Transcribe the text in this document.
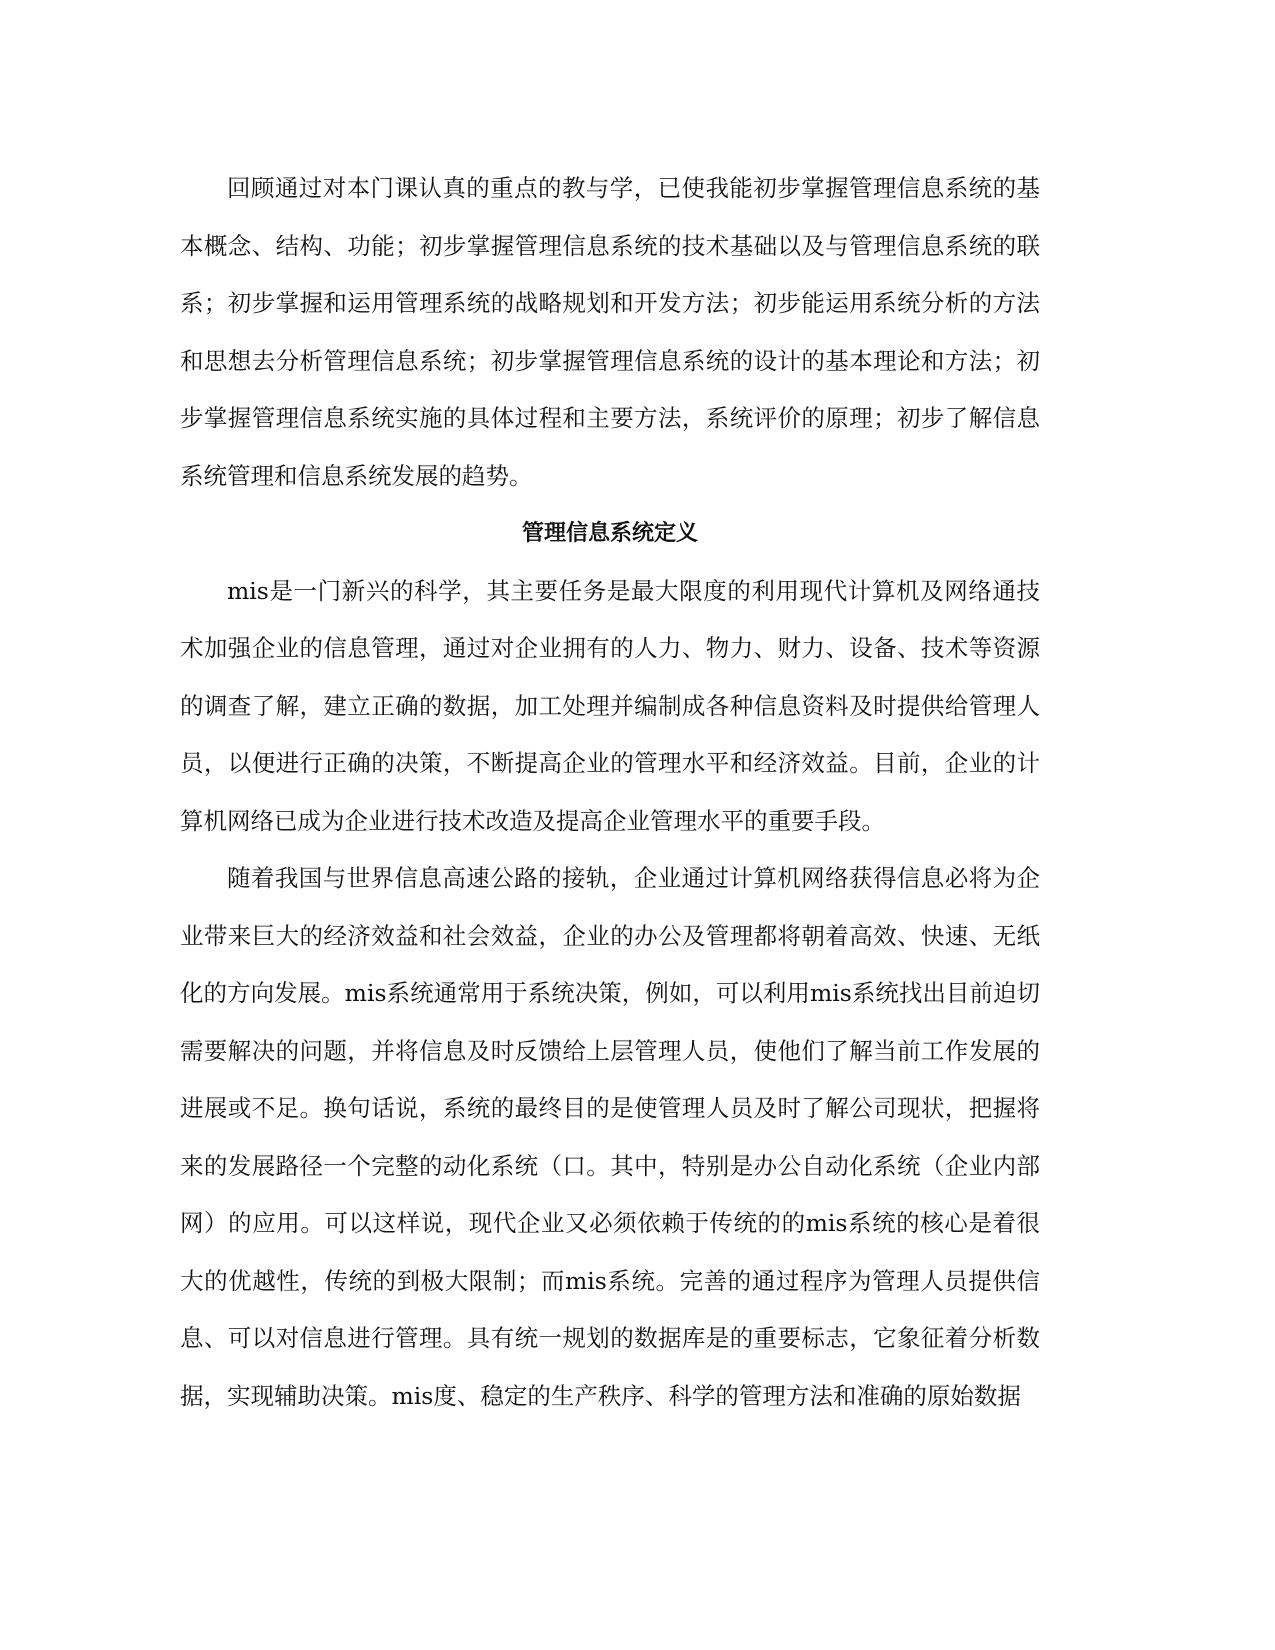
回顾通过对本门课认真的重点的教与学，已使我能初步掌握管理信息系统的基本概念、结构、功能；初步掌握管理信息系统的技术基础以及与管理信息系统的联系；初步掌握和运用管理系统的战略规划和开发方法；初步能运用系统分析的方法和思想去分析管理信息系统；初步掌握管理信息系统的设计的基本理论和方法；初步掌握管理信息系统实施的具体过程和主要方法，系统评价的原理；初步了解信息系统管理和信息系统发展的趋势。

管理信息系统定义

mis是一门新兴的科学，其主要任务是最大限度的利用现代计算机及网络通技术加强企业的信息管理，通过对企业拥有的人力、物力、财力、设备、技术等资源的调查了解，建立正确的数据，加工处理并编制成各种信息资料及时提供给管理人员，以便进行正确的决策，不断提高企业的管理水平和经济效益。目前，企业的计算机网络已成为企业进行技术改造及提高企业管理水平的重要手段。

随着我国与世界信息高速公路的接轨，企业通过计算机网络获得信息必将为企业带来巨大的经济效益和社会效益，企业的办公及管理都将朝着高效、快速、无纸化的方向发展。mis系统通常用于系统决策，例如，可以利用mis系统找出目前迫切需要解决的问题，并将信息及时反馈给上层管理人员，使他们了解当前工作发展的进展或不足。换句话说，系统的最终目的是使管理人员及时了解公司现状，把握将来的发展路径一个完整的动化系统（口。其中，特别是办公自动化系统（企业内部网）的应用。可以这样说，现代企业又必须依赖于传统的的mis系统的核心是着很大的优越性，传统的到极大限制；而mis系统。完善的通过程序为管理人员提供信息、可以对信息进行管理。具有统一规划的数据库是的重要标志，它象征着分析数据，实现辅助决策。mis度、稳定的生产秩序、科学的管理方法和准确的原始数据
